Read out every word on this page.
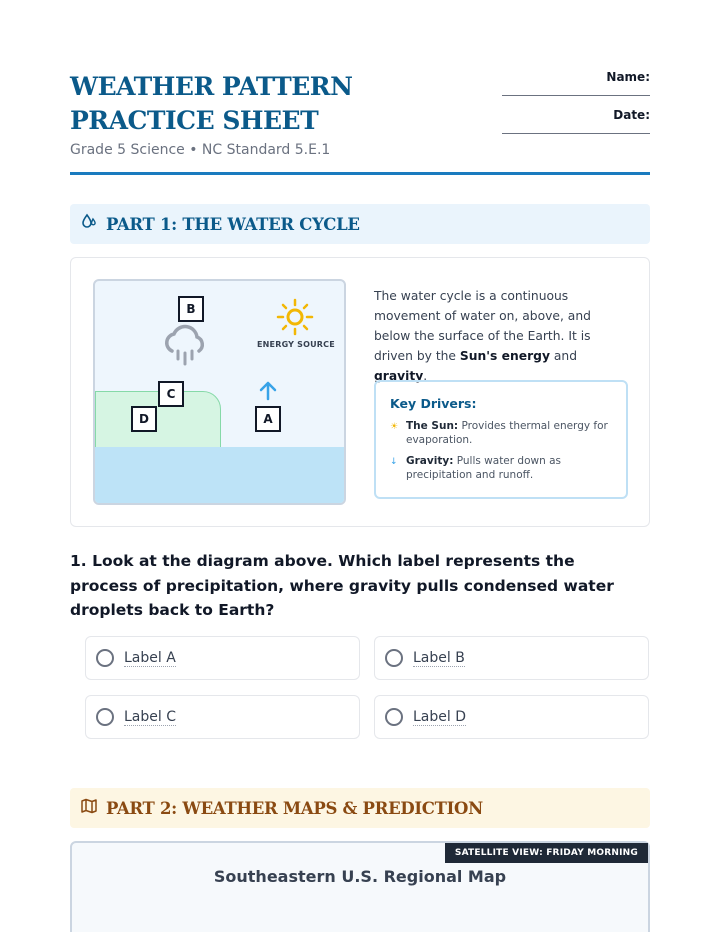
WEATHER PATTERN PRACTICE SHEET
Grade 5 Science • NC Standard 5.E.1
Name:
Date:
PART 1: THE WATER CYCLE
ENERGY SOURCE
B
C
D	A
The water cycle is a continuous movement of water on, above, and below the surface of the Earth. It is driven by the Sun's energy and gravity.
Key Drivers:
☀ The Sun: Provides thermal energy for evaporation.
↓ Gravity: Pulls water down as precipitation and runoff.
1. Look at the diagram above. Which label represents the process of precipitation, where gravity pulls condensed water droplets back to Earth?
Label A	Label B
Label C	Label D
PART 2: WEATHER MAPS & PREDICTION
SATELLITE VIEW: FRIDAY MORNING
Southeastern U.S. Regional Map
